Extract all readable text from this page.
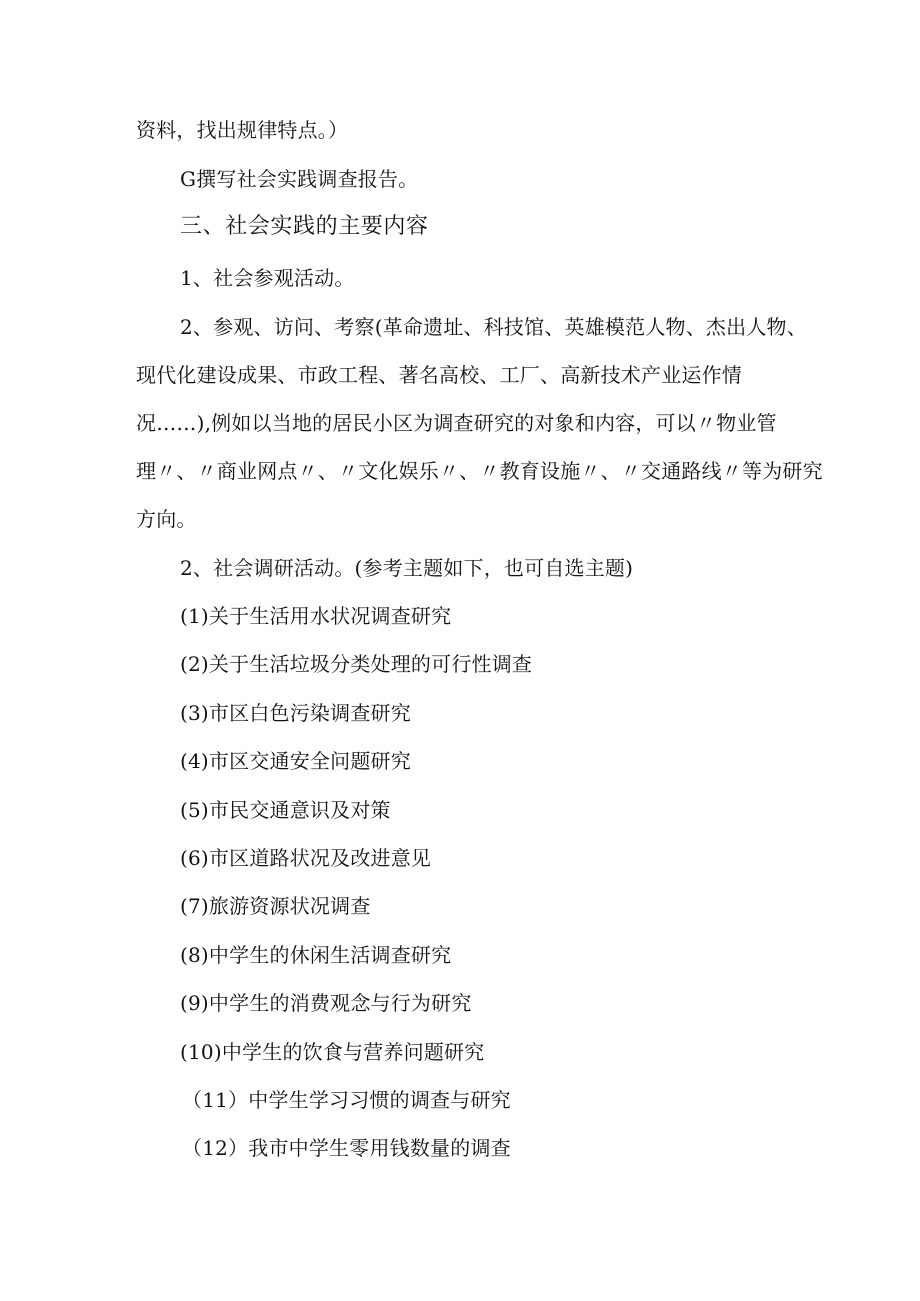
资料，找出规律特点。）
G撰写社会实践调查报告。
三、社会实践的主要内容
1、社会参观活动。
2、参观、访问、考察(革命遗址、科技馆、英雄模范人物、杰出人物、
现代化建设成果、市政工程、著名高校、工厂、高新技术产业运作情
况……),例如以当地的居民小区为调查研究的对象和内容，可以〃物业管
理〃、〃商业网点〃、〃文化娱乐〃、〃教育设施〃、〃交通路线〃等为研究
方向。
2、社会调研活动。(参考主题如下，也可自选主题)
(1)关于生活用水状况调查研究
(2)关于生活垃圾分类处理的可行性调查
(3)市区白色污染调查研究
(4)市区交通安全问题研究
(5)市民交通意识及对策
(6)市区道路状况及改进意见
(7)旅游资源状况调查
(8)中学生的休闲生活调查研究
(9)中学生的消费观念与行为研究
(10)中学生的饮食与营养问题研究
（11）中学生学习习惯的调查与研究
（12）我市中学生零用钱数量的调查
